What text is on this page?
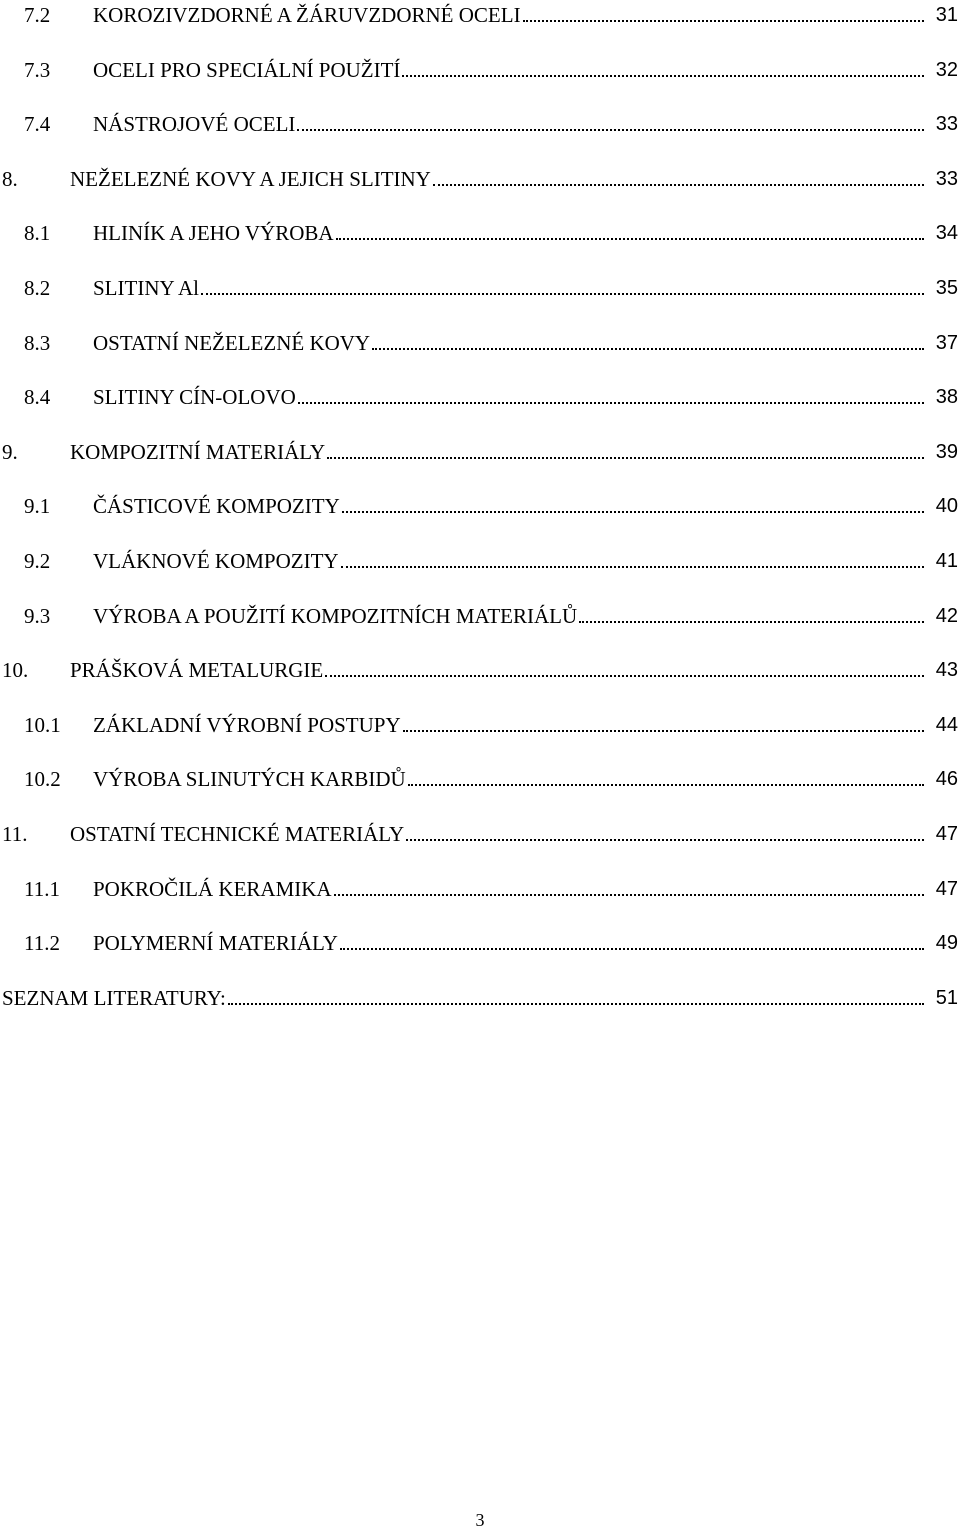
7.2 KOROZIVZDORNÉ A ŽÁRUVZDORNÉ OCELI	31
7.3 OCELI PRO SPECIÁLNÍ POUŽITÍ	32
7.4 NÁSTROJOVÉ OCELI	33
8. NEŽELEZNÉ KOVY A JEJICH SLITINY	33
8.1 HLINÍK A JEHO VÝROBA	34
8.2 SLITINY Al	35
8.3 OSTATNÍ NEŽELEZNÉ KOVY	37
8.4 SLITINY CÍN-OLOVO	38
9. KOMPOZITNÍ MATERIÁLY	39
9.1 ČÁSTICOVÉ KOMPOZITY	40
9.2 VLÁKNOVÉ KOMPOZITY	41
9.3 VÝROBA A POUŽITÍ KOMPOZITNÍCH MATERIÁLŮ	42
10. PRÁŠKOVÁ METALURGIE	43
10.1 ZÁKLADNÍ VÝROBNÍ POSTUPY	44
10.2 VÝROBA SLINUTÝCH KARBIDŮ	46
11. OSTATNÍ TECHNICKÉ MATERIÁLY	47
11.1 POKROČILÁ KERAMIKA	47
11.2 POLYMERNÍ MATERIÁLY	49
SEZNAM LITERATURY:	51
3
